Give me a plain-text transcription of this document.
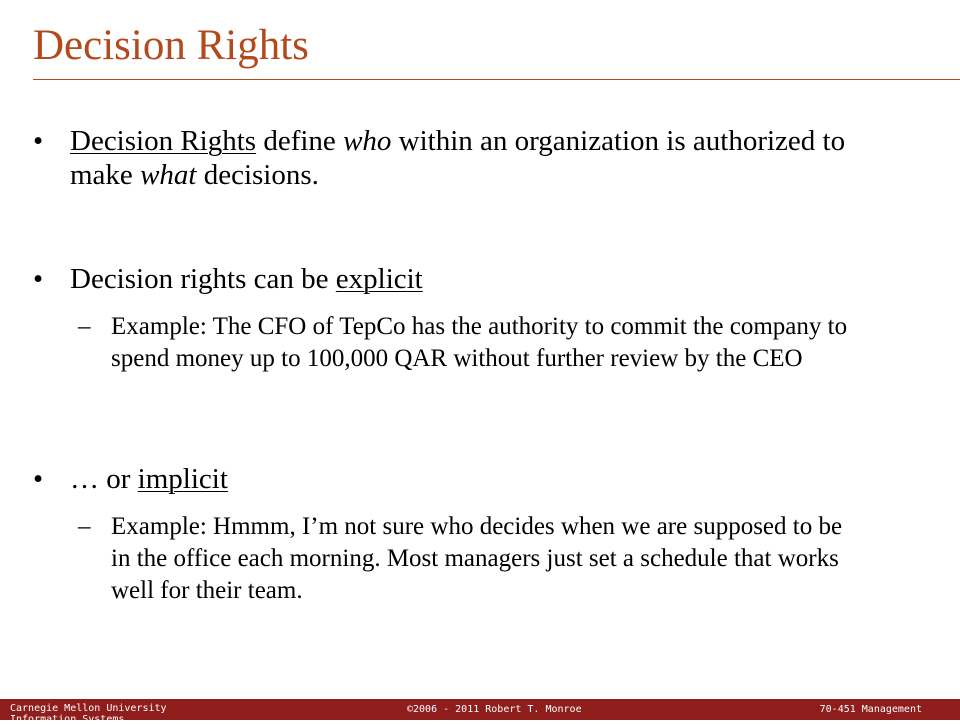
Decision Rights
• Decision Rights define who within an organization is authorized to make what decisions.
• Decision rights can be explicit
– Example: The CFO of TepCo has the authority to commit the company to spend money up to 100,000 QAR without further review by the CEO
• … or implicit
– Example: Hmmm, I’m not sure who decides when we are supposed to be in the office each morning. Most managers just set a schedule that works well for their team.
Carnegie Mellon University Information Systems
©2006 - 2011 Robert T. Monroe	70-451 Management
